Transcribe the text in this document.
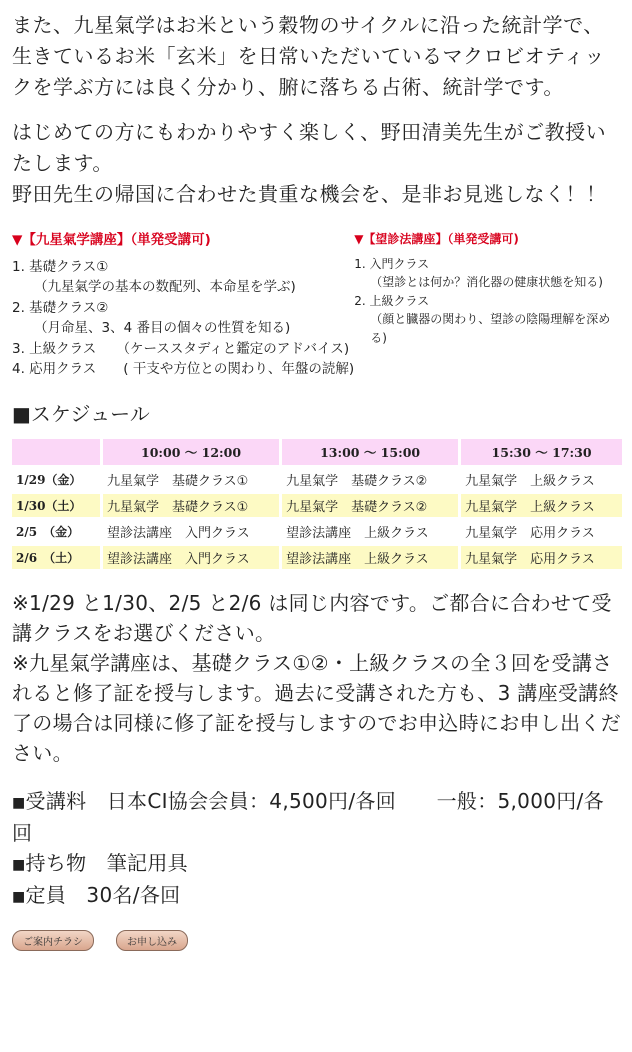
また、九星氣学はお米という穀物のサイクルに沿った統計学で、生きているお米「玄米」を日常いただいているマクロビオティックを学ぶ方には良く分かり、腑に落ちる占術、統計学です。

はじめての方にもわかりやすく楽しく、野田清美先生がご教授いたします。
野田先生の帰国に合わせた貴重な機会を、是非お見逃しなく！！

▼【九星氣学講座】（単発受講可)
1. 基礎クラス①
（九星氣学の基本の数配列、本命星を学ぶ)
2. 基礎クラス②
（月命星、3、4 番目の個々の性質を知る)
3. 上級クラス　　（ケーススタディと鑑定のアドバイス)
4. 応用クラス　　( 干支や方位との関わり、年盤の読解)
▼【望診法講座】（単発受講可)
1. 入門クラス
（望診とは何か？消化器の健康状態を知る)
2. 上級クラス
（顔と臓器の関わり、望診の陰陽理解を深める)
■スケジュール
	10:00 〜 12:00	13:00 〜 15:00	15:30 〜 17:30
1/29（金）	九星氣学　基礎クラス①	九星氣学　基礎クラス②	九星氣学　上級クラス
1/30（土）	九星氣学　基礎クラス①	九星氣学　基礎クラス②	九星氣学　上級クラス
2/5　（金）	望診法講座　入門クラス	望診法講座　上級クラス	九星氣学　応用クラス
2/6　（土）	望診法講座　入門クラス	望診法講座　上級クラス	九星氣学　応用クラス
※1/29 と1/30、2/5 と2/6 は同じ内容です。ご都合に合わせて受講クラスをお選びください。
※九星氣学講座は、基礎クラス①②・上級クラスの全３回を受講されると修了証を授与します。過去に受講された方も、3 講座受講終了の場合は同様に修了証を授与しますのでお申込時にお申し出ください。
■受講料　日本CI協会会員：4,500円/各回　　一般：5,000円/各回
■持ち物　筆記用具
■定員　30名/各回
ご案内チラシ	お申し込み
